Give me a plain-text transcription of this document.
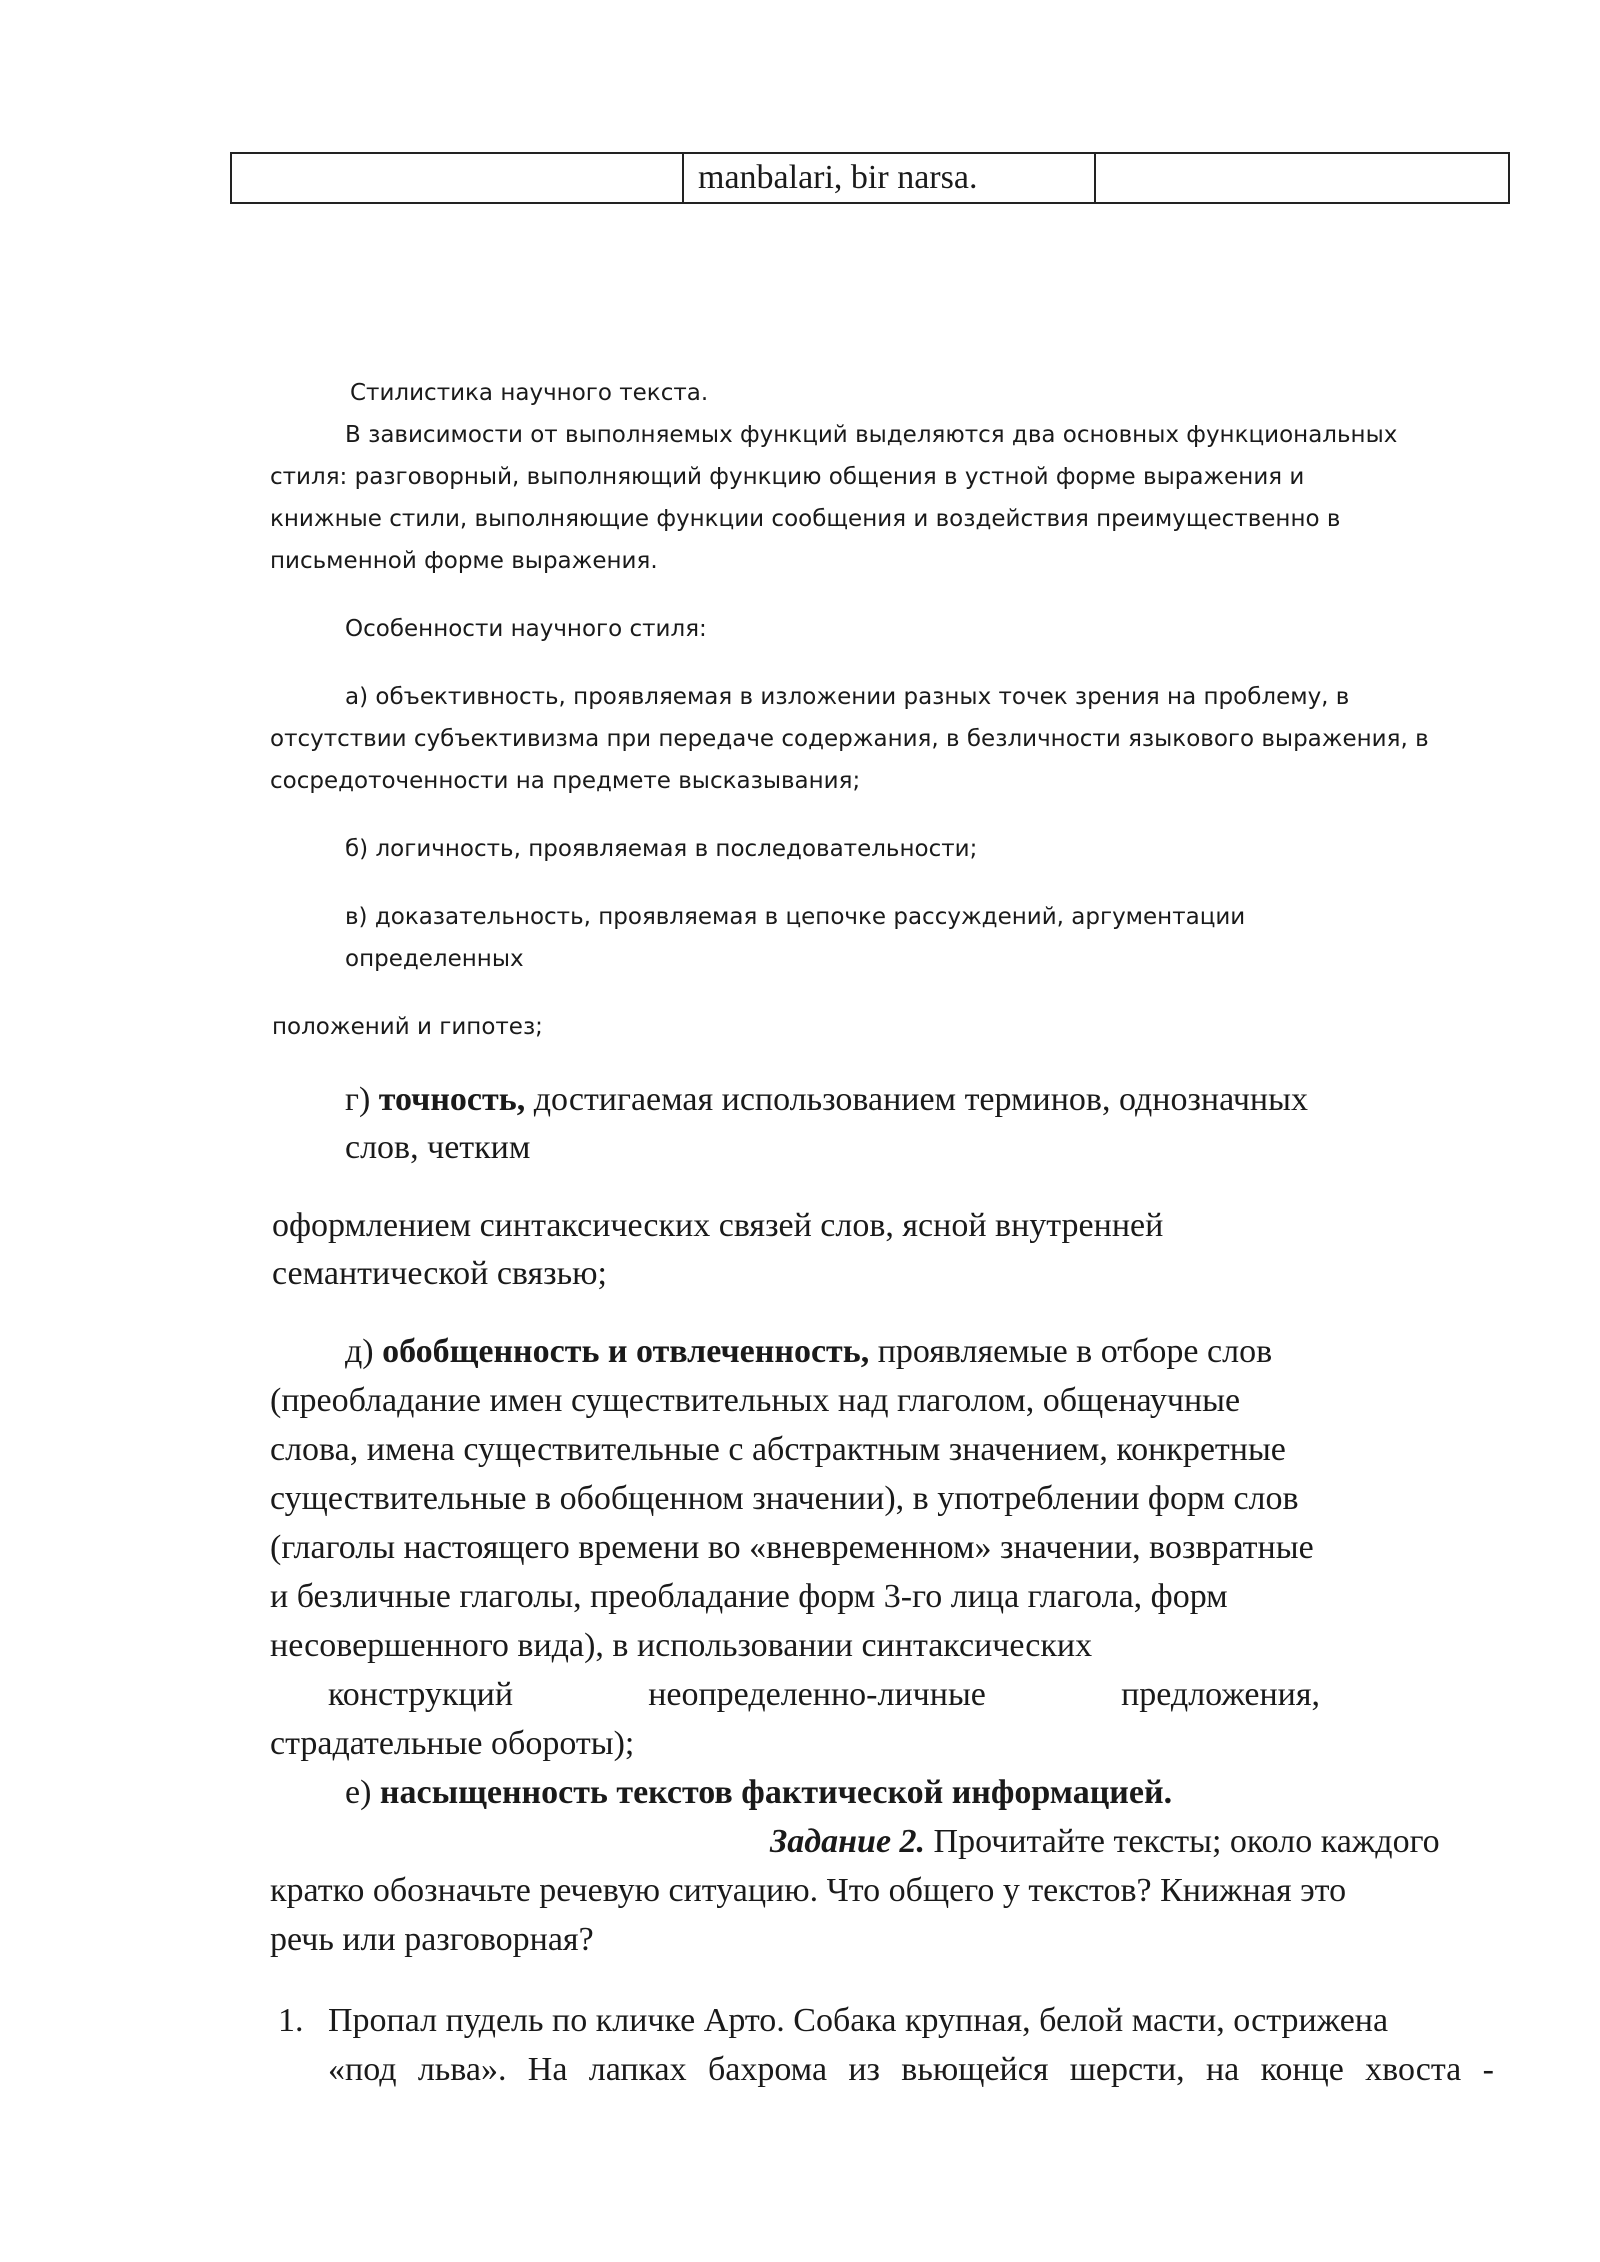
	manbalari, bir narsa.	

Стилистика научного текста.

В зависимости от выполняемых функций выделяются два основных функциональных

стиля: разговорный, выполняющий функцию общения в устной форме выражения и

книжные стили, выполняющие функции сообщения и воздействия преимущественно в

письменной форме выражения.

Особенности научного стиля:

а) объективность, проявляемая в изложении разных точек зрения на проблему, в

отсутствии субъективизма при передаче содержания, в безличности языкового выражения, в

сосредоточенности на предмете высказывания;

б) логичность, проявляемая в последовательности;

в) доказательность, проявляемая в цепочке рассуждений, аргументации

определенных

положений и гипотез;

г) точность, достигаемая использованием терминов, однозначных

слов, четким

оформлением синтаксических связей слов, ясной внутренней

семантической связью;

д) обобщенность и отвлеченность, проявляемые в отборе слов

(преобладание имен существительных над глаголом, общенаучные

слова, имена существительные с абстрактным значением, конкретные

существительные в обобщенном значении), в употреблении форм слов

(глаголы настоящего времени во «вневременном» значении, возвратные

и безличные глаголы, преобладание форм 3-го лица глагола, форм

несовершенного вида), в использовании синтаксических

конструкций	неопределенно-личные	предложения,

страдательные обороты);

е) насыщенность текстов фактической информацией.

Задание 2. Прочитайте тексты; около каждого

кратко обозначьте речевую ситуацию. Что общего у текстов? Книжная это

речь или разговорная?

1. Пропал пудель по кличке Арто. Собака крупная, белой масти, острижена

«под льва». На лапках бахрома из вьющейся шерсти, на конце хвоста -
